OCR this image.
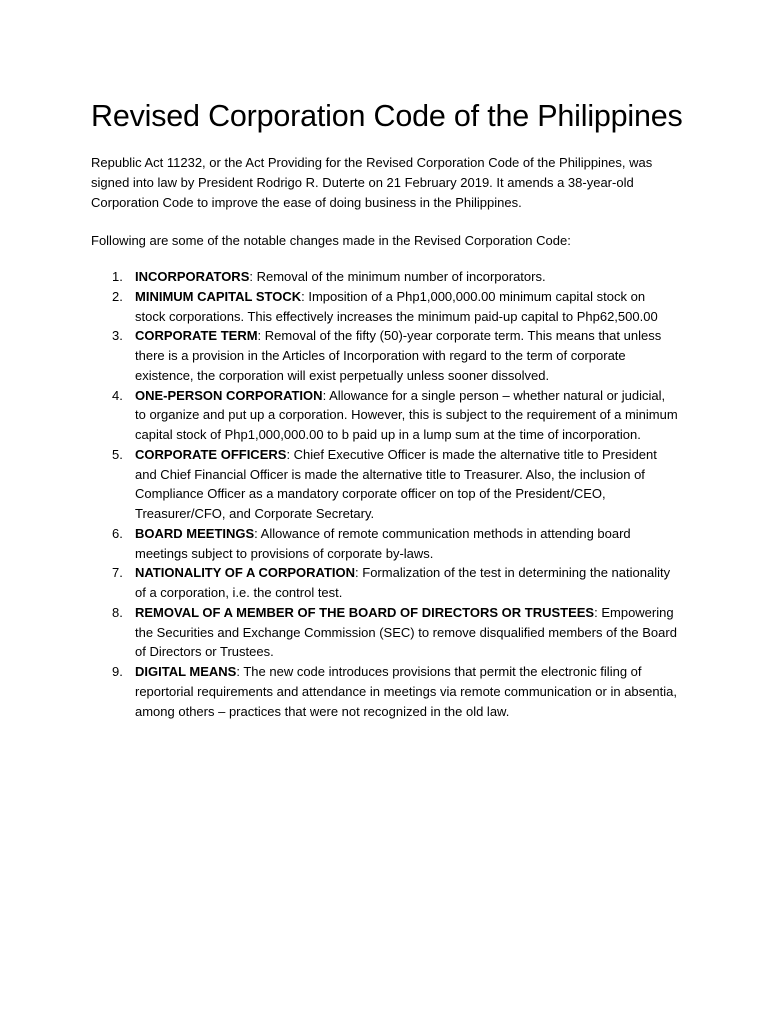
Revised Corporation Code of the Philippines

Republic Act 11232, or the Act Providing for the Revised Corporation Code of the Philippines, was signed into law by President Rodrigo R. Duterte on 21 February 2019. It amends a 38-year-old Corporation Code to improve the ease of doing business in the Philippines.

Following are some of the notable changes made in the Revised Corporation Code:

1. INCORPORATORS: Removal of the minimum number of incorporators.
2. MINIMUM CAPITAL STOCK: Imposition of a Php1,000,000.00 minimum capital stock on stock corporations. This effectively increases the minimum paid-up capital to Php62,500.00
3. CORPORATE TERM: Removal of the fifty (50)-year corporate term. This means that unless there is a provision in the Articles of Incorporation with regard to the term of corporate existence, the corporation will exist perpetually unless sooner dissolved.
4. ONE-PERSON CORPORATION: Allowance for a single person – whether natural or judicial, to organize and put up a corporation. However, this is subject to the requirement of a minimum capital stock of Php1,000,000.00 to b paid up in a lump sum at the time of incorporation.
5. CORPORATE OFFICERS: Chief Executive Officer is made the alternative title to President and Chief Financial Officer is made the alternative title to Treasurer. Also, the inclusion of Compliance Officer as a mandatory corporate officer on top of the President/CEO, Treasurer/CFO, and Corporate Secretary.
6. BOARD MEETINGS: Allowance of remote communication methods in attending board meetings subject to provisions of corporate by-laws.
7. NATIONALITY OF A CORPORATION: Formalization of the test in determining the nationality of a corporation, i.e. the control test.
8. REMOVAL OF A MEMBER OF THE BOARD OF DIRECTORS OR TRUSTEES: Empowering the Securities and Exchange Commission (SEC) to remove disqualified members of the Board of Directors or Trustees.
9. DIGITAL MEANS: The new code introduces provisions that permit the electronic filing of reportorial requirements and attendance in meetings via remote communication or in absentia, among others – practices that were not recognized in the old law.
